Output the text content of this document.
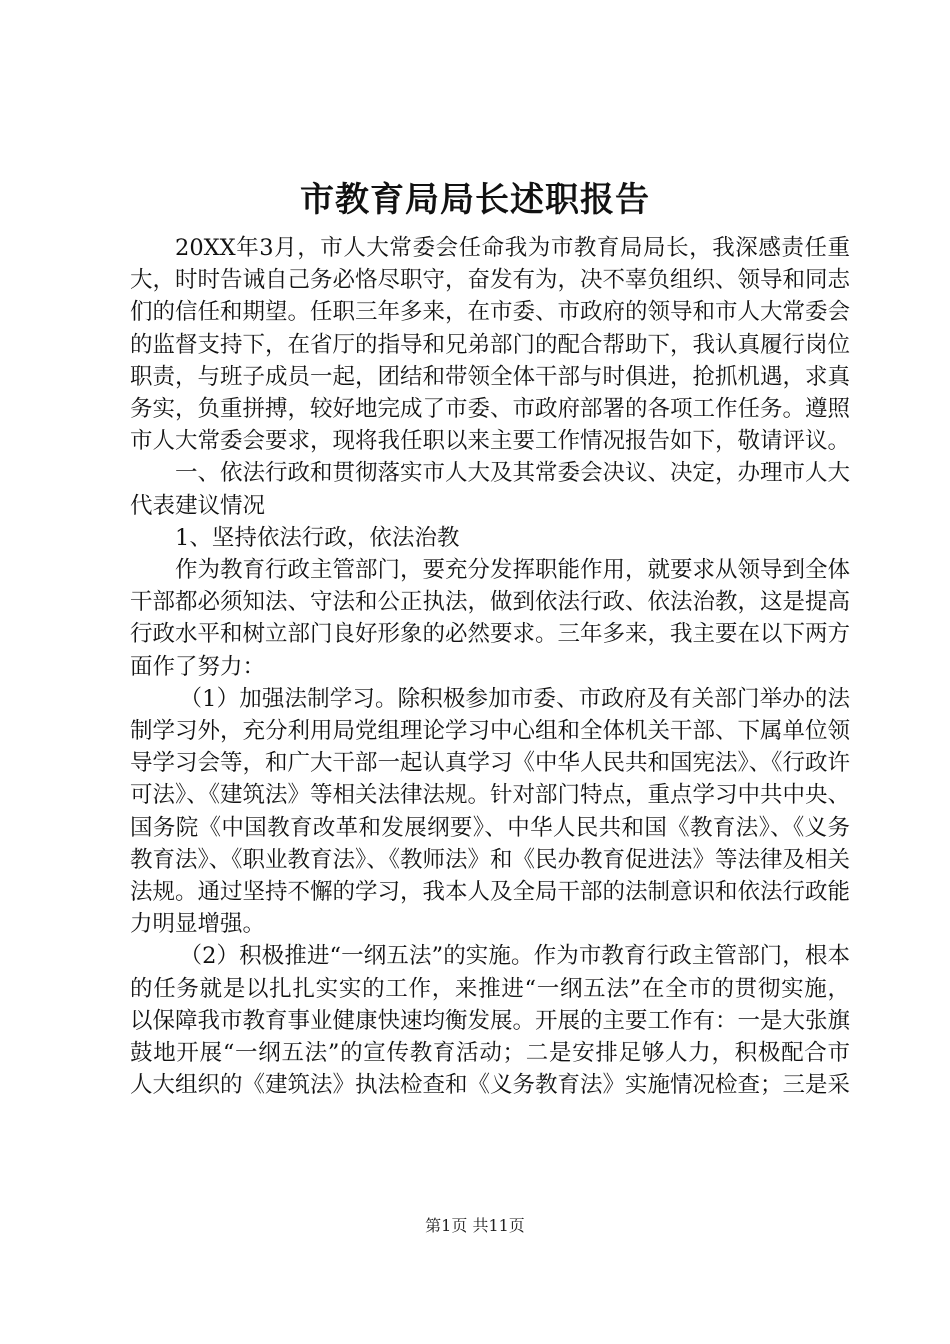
市教育局局长述职报告

20XX年3月，市人大常委会任命我为市教育局局长，我深感责任重大，时时告诫自己务必恪尽职守，奋发有为，决不辜负组织、领导和同志们的信任和期望。任职三年多来，在市委、市政府的领导和市人大常委会的监督支持下，在省厅的指导和兄弟部门的配合帮助下，我认真履行岗位职责，与班子成员一起，团结和带领全体干部与时俱进，抢抓机遇，求真务实，负重拼搏，较好地完成了市委、市政府部署的各项工作任务。遵照市人大常委会要求，现将我任职以来主要工作情况报告如下，敬请评议。

一、依法行政和贯彻落实市人大及其常委会决议、决定，办理市人大代表建议情况

1、坚持依法行政，依法治教

作为教育行政主管部门，要充分发挥职能作用，就要求从领导到全体干部都必须知法、守法和公正执法，做到依法行政、依法治教，这是提高行政水平和树立部门良好形象的必然要求。三年多来，我主要在以下两方面作了努力：

（1）加强法制学习。除积极参加市委、市政府及有关部门举办的法制学习外，充分利用局党组理论学习中心组和全体机关干部、下属单位领导学习会等，和广大干部一起认真学习《中华人民共和国宪法》、《行政许可法》、《建筑法》等相关法律法规。针对部门特点，重点学习中共中央、国务院《中国教育改革和发展纲要》、中华人民共和国《教育法》、《义务教育法》、《职业教育法》、《教师法》和《民办教育促进法》等法律及相关法规。通过坚持不懈的学习，我本人及全局干部的法制意识和依法行政能力明显增强。

（2）积极推进“一纲五法”的实施。作为市教育行政主管部门，根本的任务就是以扎扎实实的工作，来推进“一纲五法”在全市的贯彻实施，以保障我市教育事业健康快速均衡发展。开展的主要工作有：一是大张旗鼓地开展“一纲五法”的宣传教育活动；二是安排足够人力，积极配合市人大组织的《建筑法》执法检查和《义务教育法》实施情况检查；三是采

第1页 共11页
